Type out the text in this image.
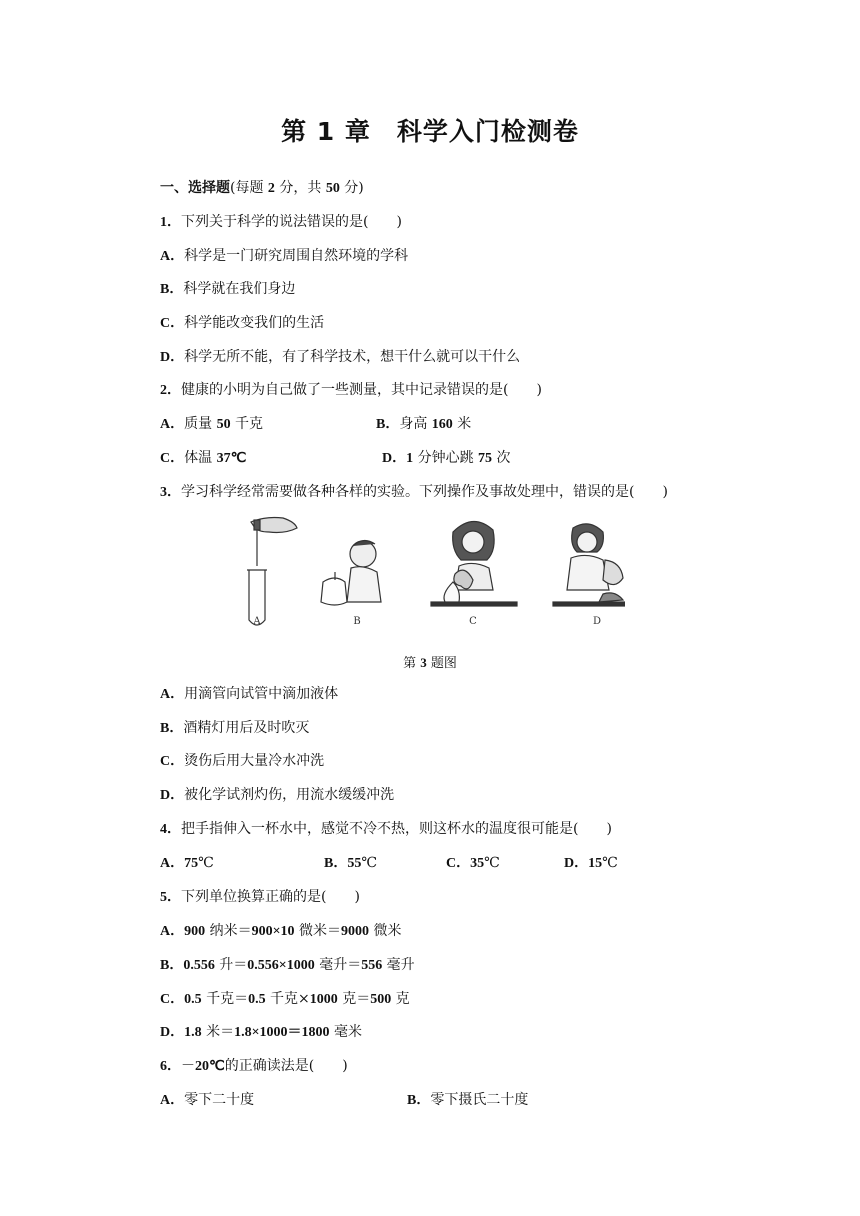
第 1 章　科学入门检测卷
一、选择题(每题 2 分，共 50 分)
1．下列关于科学的说法错误的是(　　)
A．科学是一门研究周围自然环境的学科
B．科学就在我们身边
C．科学能改变我们的生活
D．科学无所不能，有了科学技术，想干什么就可以干什么
2．健康的小明为自己做了一些测量，其中记录错误的是(　　)
A．质量 50 千克	B．身高 160 米
C．体温 37℃	D．1 分钟心跳 75 次
3．学习科学经常需要做各种各样的实验。下列操作及事故处理中，错误的是(　　)
A	B	C	D
第 3 题图
A．用滴管向试管中滴加液体
B．酒精灯用后及时吹灭
C．烫伤后用大量冷水冲洗
D．被化学试剂灼伤，用流水缓缓冲洗
4．把手指伸入一杯水中，感觉不冷不热，则这杯水的温度很可能是(　　)
A．75℃	B．55℃	C．35℃	D．15℃
5．下列单位换算正确的是(　　)
A．900 纳米＝900×10 微米＝9000 微米
B．0.556 升＝0.556×1000 毫升＝556 毫升
C．0.5 千克＝0.5 千克×1000 克＝500 克
D．1.8 米＝1.8×1000＝1800 毫米
6．－20℃的正确读法是(　　)
A．零下二十度	B．零下摄氏二十度
